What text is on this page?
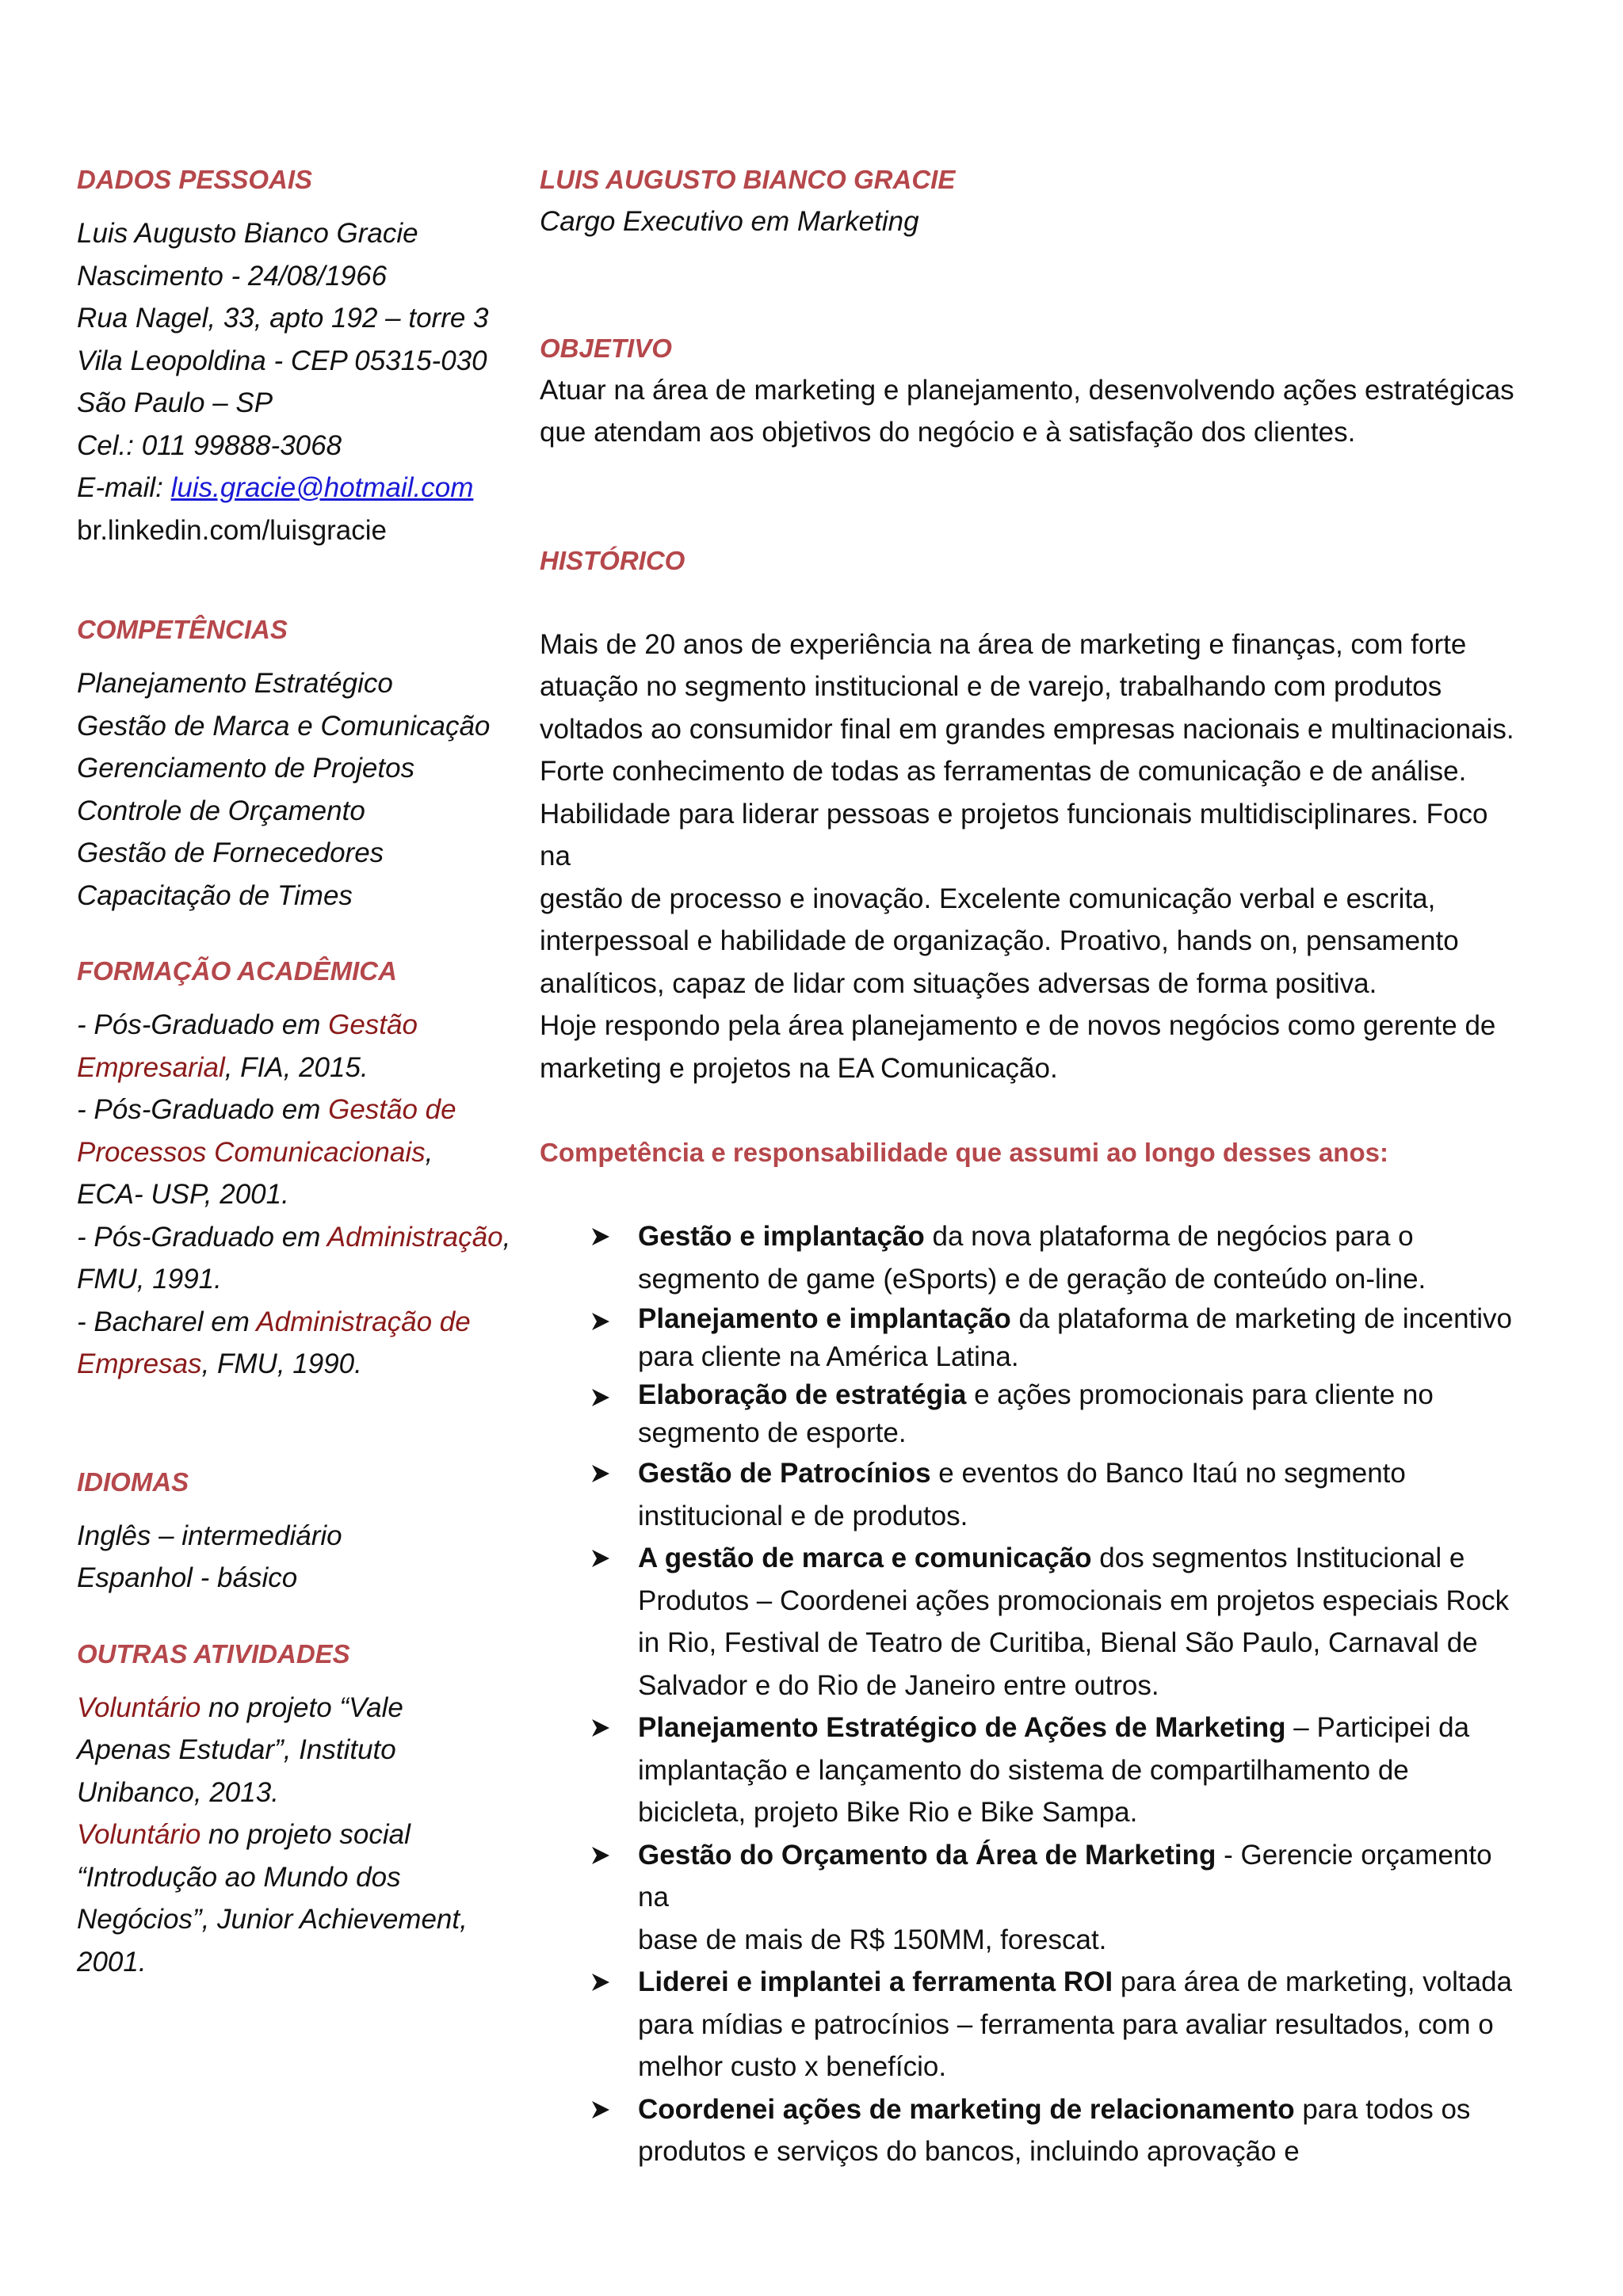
DADOS PESSOAIS

Luis Augusto Bianco Gracie

Nascimento - 24/08/1966

Rua Nagel, 33, apto 192 – torre 3

Vila Leopoldina - CEP 05315-030

São Paulo – SP

Cel.: 011 99888-3068

E-mail: luis.gracie@hotmail.com

br.linkedin.com/luisgracie

COMPETÊNCIAS

Planejamento Estratégico

Gestão de Marca e Comunicação

Gerenciamento de Projetos

Controle de Orçamento

Gestão de Fornecedores

Capacitação de Times

FORMAÇÃO ACADÊMICA

- Pós-Graduado em Gestão

Empresarial, FIA, 2015.

- Pós-Graduado em Gestão de

Processos Comunicacionais,

ECA- USP, 2001.

- Pós-Graduado em Administração,

FMU, 1991.

- Bacharel em Administração de

Empresas, FMU, 1990.

IDIOMAS

Inglês – intermediário

Espanhol - básico

OUTRAS ATIVIDADES

Voluntário no projeto “Vale

Apenas Estudar”, Instituto

Unibanco, 2013.

Voluntário no projeto social

“Introdução ao Mundo dos

Negócios”, Junior Achievement,

2001.

LUIS AUGUSTO BIANCO GRACIE

Cargo Executivo em Marketing

OBJETIVO

Atuar na área de marketing e planejamento, desenvolvendo ações estratégicas

que atendam aos objetivos do negócio e à satisfação dos clientes.

HISTÓRICO

Mais de 20 anos de experiência na área de marketing e finanças, com forte

atuação no segmento institucional e de varejo, trabalhando com produtos

voltados ao consumidor final em grandes empresas nacionais e multinacionais.

Forte conhecimento de todas as ferramentas de comunicação e de análise.

Habilidade para liderar pessoas e projetos funcionais multidisciplinares. Foco na

gestão de processo e inovação. Excelente comunicação verbal e escrita,

interpessoal e habilidade de organização. Proativo, hands on, pensamento

analíticos, capaz de lidar com situações adversas de forma positiva.

Hoje respondo pela área planejamento e de novos negócios como gerente de

marketing e projetos na EA Comunicação.

Competência e responsabilidade que assumi ao longo desses anos:

Gestão e implantação da nova plataforma de negócios para o
segmento de game (eSports) e de geração de conteúdo on-line.
Planejamento e implantação da plataforma de marketing de incentivo
para cliente na América Latina.
Elaboração de estratégia e ações promocionais para cliente no
segmento de esporte.
Gestão de Patrocínios e eventos do Banco Itaú no segmento
institucional e de produtos.
A gestão de marca e comunicação dos segmentos Institucional e
Produtos – Coordenei ações promocionais em projetos especiais Rock
in Rio, Festival de Teatro de Curitiba, Bienal São Paulo, Carnaval de
Salvador e do Rio de Janeiro entre outros.
Planejamento Estratégico de Ações de Marketing – Participei da
implantação e lançamento do sistema de compartilhamento de
bicicleta, projeto Bike Rio e Bike Sampa.
Gestão do Orçamento da Área de Marketing - Gerencie orçamento na
base de mais de R$ 150MM, forescat.
Liderei e implantei a ferramenta ROI para área de marketing, voltada
para mídias e patrocínios – ferramenta para avaliar resultados, com o
melhor custo x benefício.
Coordenei ações de marketing de relacionamento para todos os
produtos e serviços do bancos, incluindo aprovação e
